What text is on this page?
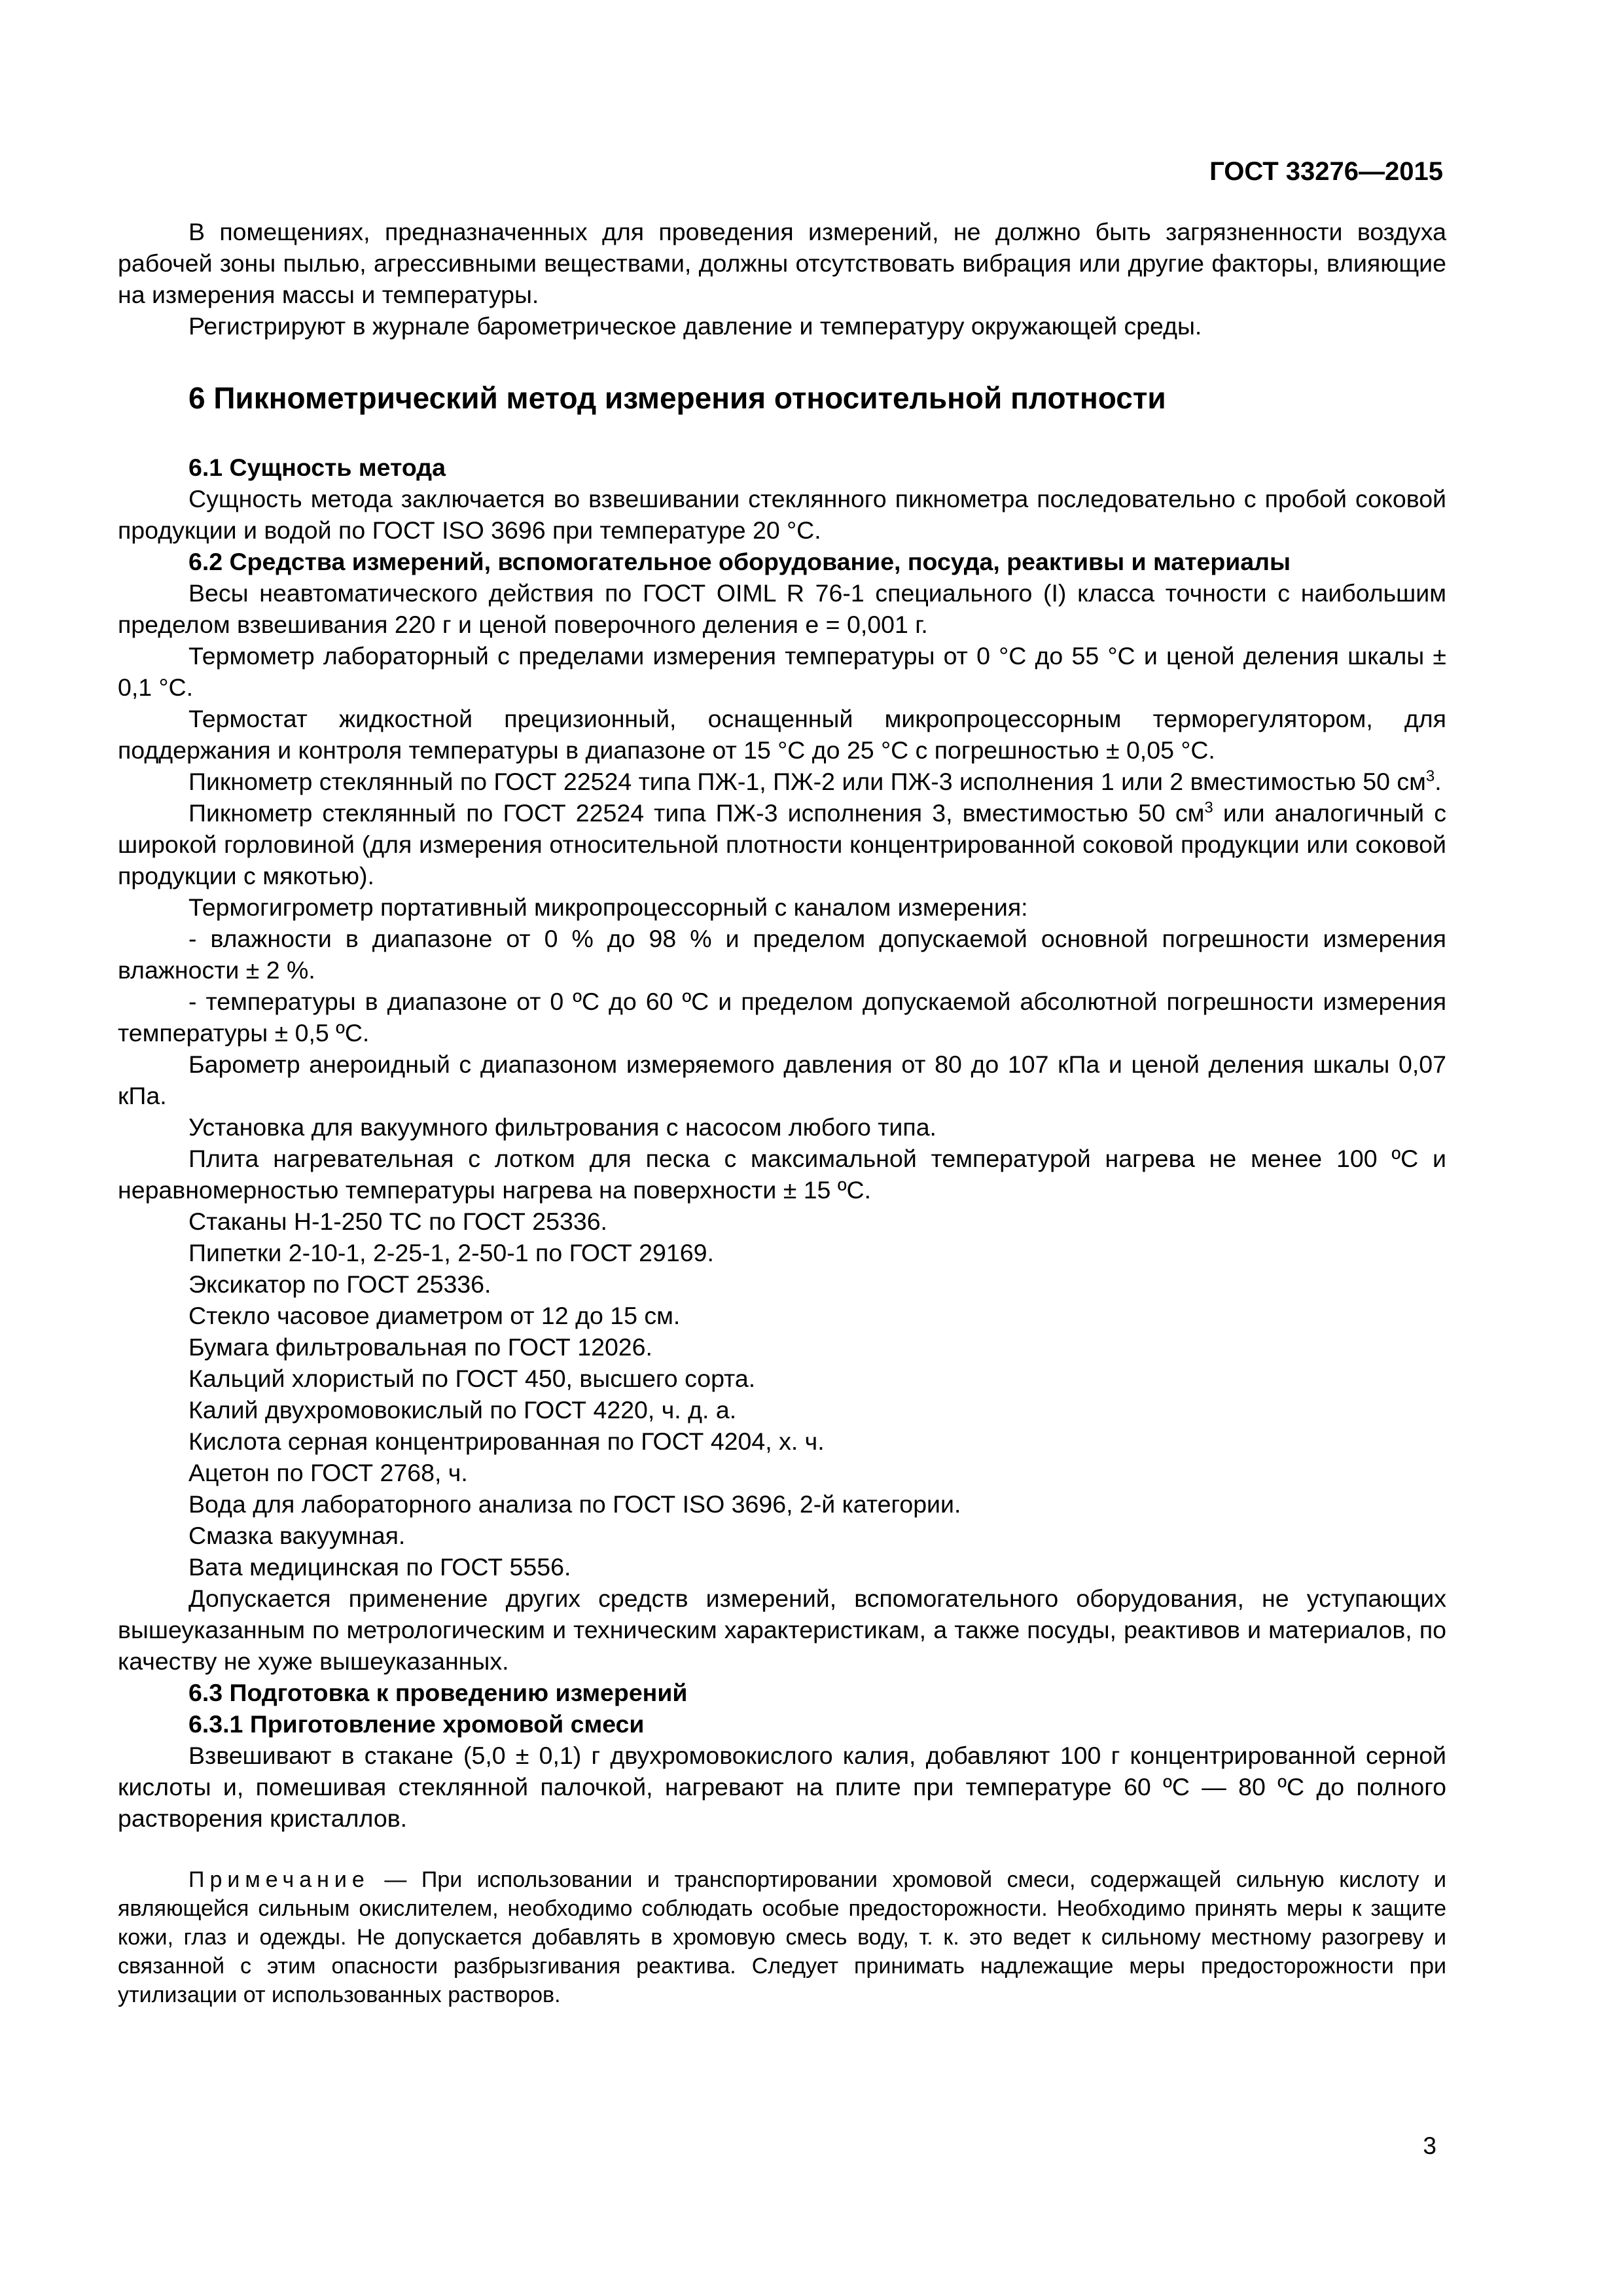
ГОСТ 33276—2015

В помещениях, предназначенных для проведения измерений, не должно быть загрязненности воздуха рабочей зоны пылью, агрессивными веществами, должны отсутствовать вибрация или другие факторы, влияющие на измерения массы и температуры.

Регистрируют в журнале барометрическое давление и температуру окружающей среды.

6 Пикнометрический метод измерения относительной плотности

6.1 Сущность метода

Сущность метода заключается во взвешивании стеклянного пикнометра последовательно с пробой соковой продукции и водой по ГОСТ ISO 3696 при температуре 20 °С.

6.2 Средства измерений, вспомогательное оборудование, посуда, реактивы и материалы

Весы неавтоматического действия по ГОСТ OIML R 76-1 специального (I) класса точности с наибольшим пределом взвешивания 220 г и ценой поверочного деления e = 0,001 г.

Термометр лабораторный с пределами измерения температуры от 0 °С до 55 °С и ценой деления шкалы ± 0,1 °С.

Термостат жидкостной прецизионный, оснащенный микропроцессорным терморегулятором, для поддержания и контроля температуры в диапазоне от 15 °С до 25 °С с погрешностью ± 0,05 °С.

Пикнометр стеклянный по ГОСТ 22524 типа ПЖ-1, ПЖ-2 или ПЖ-3 исполнения 1 или 2 вместимостью 50 $см^3$.

Пикнометр стеклянный по ГОСТ 22524 типа ПЖ-3 исполнения 3, вместимостью 50 $см^3$ или аналогичный с широкой горловиной (для измерения относительной плотности концентрированной соковой продукции или соковой продукции с мякотью).

Термогигрометр портативный микропроцессорный с каналом измерения:

- влажности в диапазоне от 0 % до 98 % и пределом допускаемой основной погрешности измерения влажности ± 2 %.

- температуры в диапазоне от 0 ºС до 60 ºС и пределом допускаемой абсолютной погрешности измерения температуры ± 0,5 ºС.

Барометр анероидный с диапазоном измеряемого давления от 80 до 107 кПа и ценой деления шкалы 0,07 кПа.

Установка для вакуумного фильтрования с насосом любого типа.

Плита нагревательная с лотком для песка с максимальной температурой нагрева не менее 100 ºС и неравномерностью температуры нагрева на поверхности ± 15 ºС.

Стаканы Н-1-250 ТС по ГОСТ 25336.

Пипетки 2-10-1, 2-25-1, 2-50-1 по ГОСТ 29169.

Эксикатор по ГОСТ 25336.

Стекло часовое диаметром от 12 до 15 см.

Бумага фильтровальная по ГОСТ 12026.

Кальций хлористый по ГОСТ 450, высшего сорта.

Калий двухромовокислый по ГОСТ 4220, ч. д. а.

Кислота серная концентрированная по ГОСТ 4204, х. ч.

Ацетон по ГОСТ 2768, ч.

Вода для лабораторного анализа по ГОСТ ISO 3696, 2-й категории.

Смазка вакуумная.

Вата медицинская по ГОСТ 5556.

Допускается применение других средств измерений, вспомогательного оборудования, не уступающих вышеуказанным по метрологическим и техническим характеристикам, а также посуды, реактивов и материалов, по качеству не хуже вышеуказанных.

6.3 Подготовка к проведению измерений

6.3.1 Приготовление хромовой смеси

Взвешивают в стакане (5,0 ± 0,1) г двухромовокислого калия, добавляют 100 г концентрированной серной кислоты и, помешивая стеклянной палочкой, нагревают на плите при температуре 60 ºС — 80 ºС до полного растворения кристаллов.

Примечание — При использовании и транспортировании хромовой смеси, содержащей сильную кислоту и являющейся сильным окислителем, необходимо соблюдать особые предосторожности. Необходимо принять меры к защите кожи, глаз и одежды. Не допускается добавлять в хромовую смесь воду, т. к. это ведет к сильному местному разогреву и связанной с этим опасности разбрызгивания реактива. Следует принимать надлежащие меры предосторожности при утилизации от использованных растворов.

3
